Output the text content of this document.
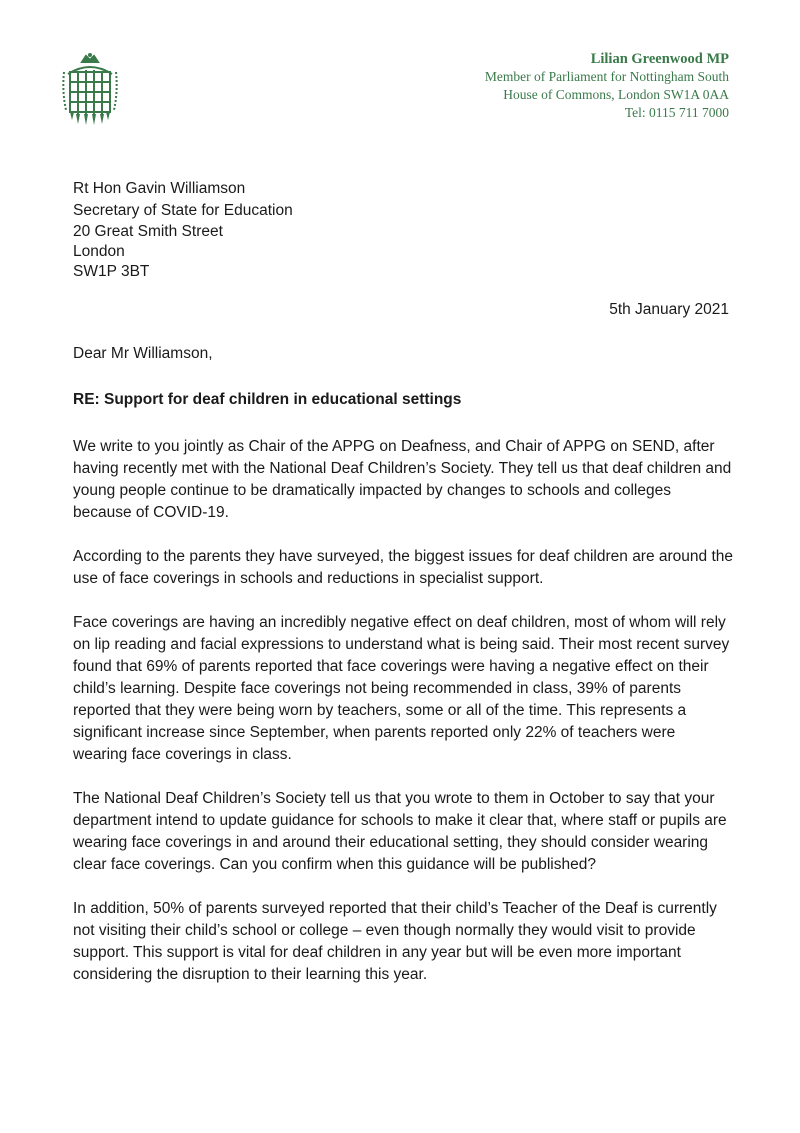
Lilian Greenwood MP
Member of Parliament for Nottingham South
House of Commons, London SW1A 0AA
Tel: 0115 711 7000
Rt Hon Gavin Williamson
Secretary of State for Education
20 Great Smith Street
London
SW1P 3BT
5th January 2021
Dear Mr Williamson,
RE: Support for deaf children in educational settings

We write to you jointly as Chair of the APPG on Deafness, and Chair of APPG on SEND, after having recently met with the National Deaf Children’s Society. They tell us that deaf children and young people continue to be dramatically impacted by changes to schools and colleges because of COVID-19.

According to the parents they have surveyed, the biggest issues for deaf children are around the use of face coverings in schools and reductions in specialist support.

Face coverings are having an incredibly negative effect on deaf children, most of whom will rely on lip reading and facial expressions to understand what is being said. Their most recent survey found that 69% of parents reported that face coverings were having a negative effect on their child’s learning. Despite face coverings not being recommended in class, 39% of parents reported that they were being worn by teachers, some or all of the time. This represents a significant increase since September, when parents reported only 22% of teachers were wearing face coverings in class.

The National Deaf Children’s Society tell us that you wrote to them in October to say that your department intend to update guidance for schools to make it clear that, where staff or pupils are wearing face coverings in and around their educational setting, they should consider wearing clear face coverings. Can you confirm when this guidance will be published?

In addition, 50% of parents surveyed reported that their child’s Teacher of the Deaf is currently not visiting their child’s school or college – even though normally they would visit to provide support. This support is vital for deaf children in any year but will be even more important considering the disruption to their learning this year.
